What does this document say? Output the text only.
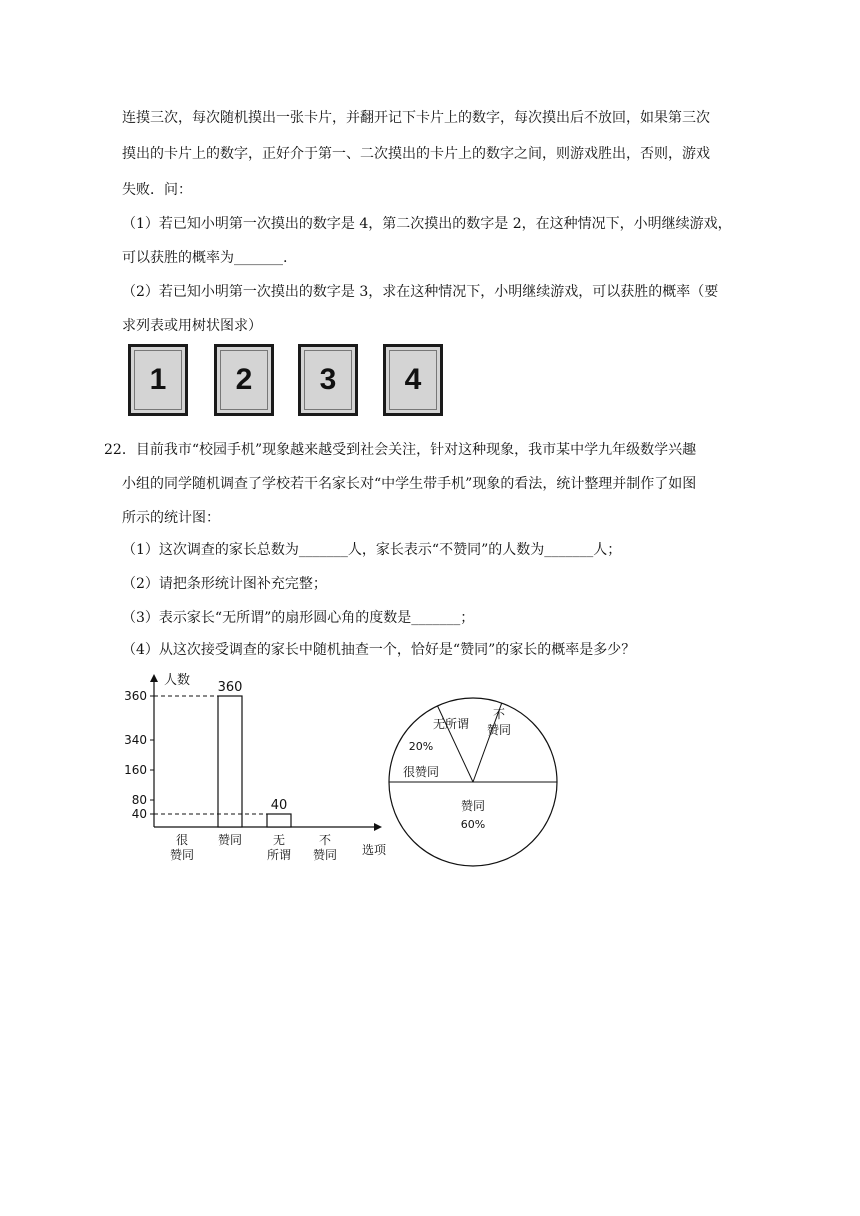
连摸三次，每次随机摸出一张卡片，并翻开记下卡片上的数字，每次摸出后不放回，如果第三次
摸出的卡片上的数字，正好介于第一、二次摸出的卡片上的数字之间，则游戏胜出，否则，游戏
失败．问：
（1）若已知小明第一次摸出的数字是 4，第二次摸出的数字是 2，在这种情况下，小明继续游戏，
可以获胜的概率为_______.
（2）若已知小明第一次摸出的数字是 3，求在这种情况下，小明继续游戏，可以获胜的概率（要
求列表或用树状图求）
1	2	3	4
22．目前我市“校园手机”现象越来越受到社会关注，针对这种现象，我市某中学九年级数学兴趣
小组的同学随机调查了学校若干名家长对“中学生带手机”现象的看法，统计整理并制作了如图
所示的统计图：
（1）这次调查的家长总数为_______人，家长表示“不赞同”的人数为_______人；
（2）请把条形统计图补充完整；
（3）表示家长“无所谓”的扇形圆心角的度数是_______；
（4）从这次接受调查的家长中随机抽查一个，恰好是“赞同”的家长的概率是多少？
人数
选项
40
80
160
340
360
很
赞同
赞同
360
无
所谓
40
不
赞同
赞同
60%
很赞同
20%
无所谓
不
赞同
